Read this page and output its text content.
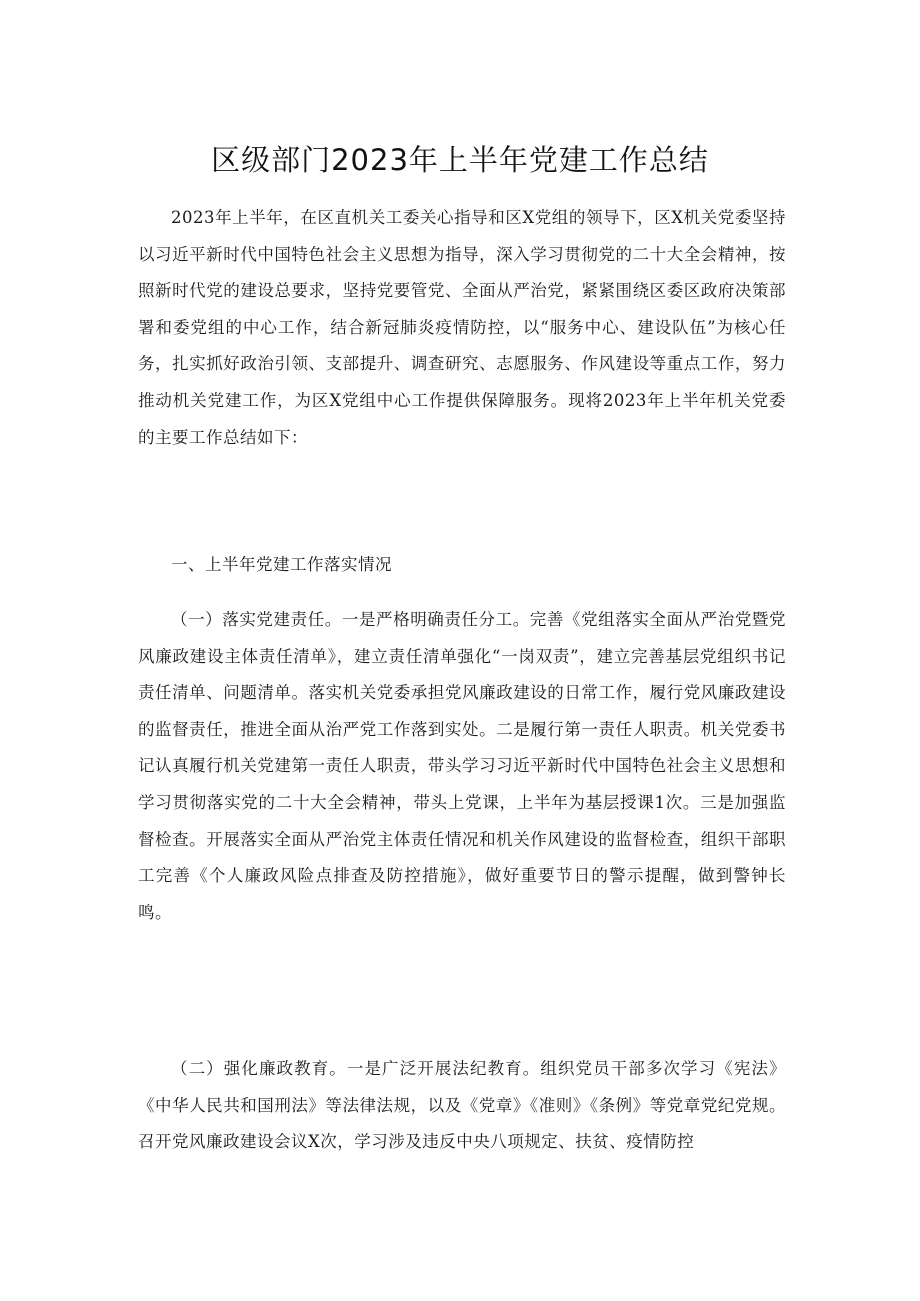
区级部门2023年上半年党建工作总结

2023年上半年，在区直机关工委关心指导和区X党组的领导下，区X机关党委坚持以习近平新时代中国特色社会主义思想为指导，深入学习贯彻党的二十大全会精神，按照新时代党的建设总要求，坚持党要管党、全面从严治党，紧紧围绕区委区政府决策部署和委党组的中心工作，结合新冠肺炎疫情防控，以“服务中心、建设队伍”为核心任务，扎实抓好政治引领、支部提升、调查研究、志愿服务、作风建设等重点工作，努力推动机关党建工作，为区X党组中心工作提供保障服务。现将2023年上半年机关党委的主要工作总结如下：

一、上半年党建工作落实情况

（一）落实党建责任。一是严格明确责任分工。完善《党组落实全面从严治党暨党风廉政建设主体责任清单》，建立责任清单强化“一岗双责”，建立完善基层党组织书记责任清单、问题清单。落实机关党委承担党风廉政建设的日常工作，履行党风廉政建设的监督责任，推进全面从治严党工作落到实处。二是履行第一责任人职责。机关党委书记认真履行机关党建第一责任人职责，带头学习习近平新时代中国特色社会主义思想和学习贯彻落实党的二十大全会精神，带头上党课，上半年为基层授课1次。三是加强监督检查。开展落实全面从严治党主体责任情况和机关作风建设的监督检查，组织干部职工完善《个人廉政风险点排查及防控措施》，做好重要节日的警示提醒，做到警钟长鸣。

（二）强化廉政教育。一是广泛开展法纪教育。组织党员干部多次学习《宪法》《中华人民共和国刑法》等法律法规，以及《党章》《准则》《条例》等党章党纪党规。召开党风廉政建设会议X次，学习涉及违反中央八项规定、扶贫、疫情防控
